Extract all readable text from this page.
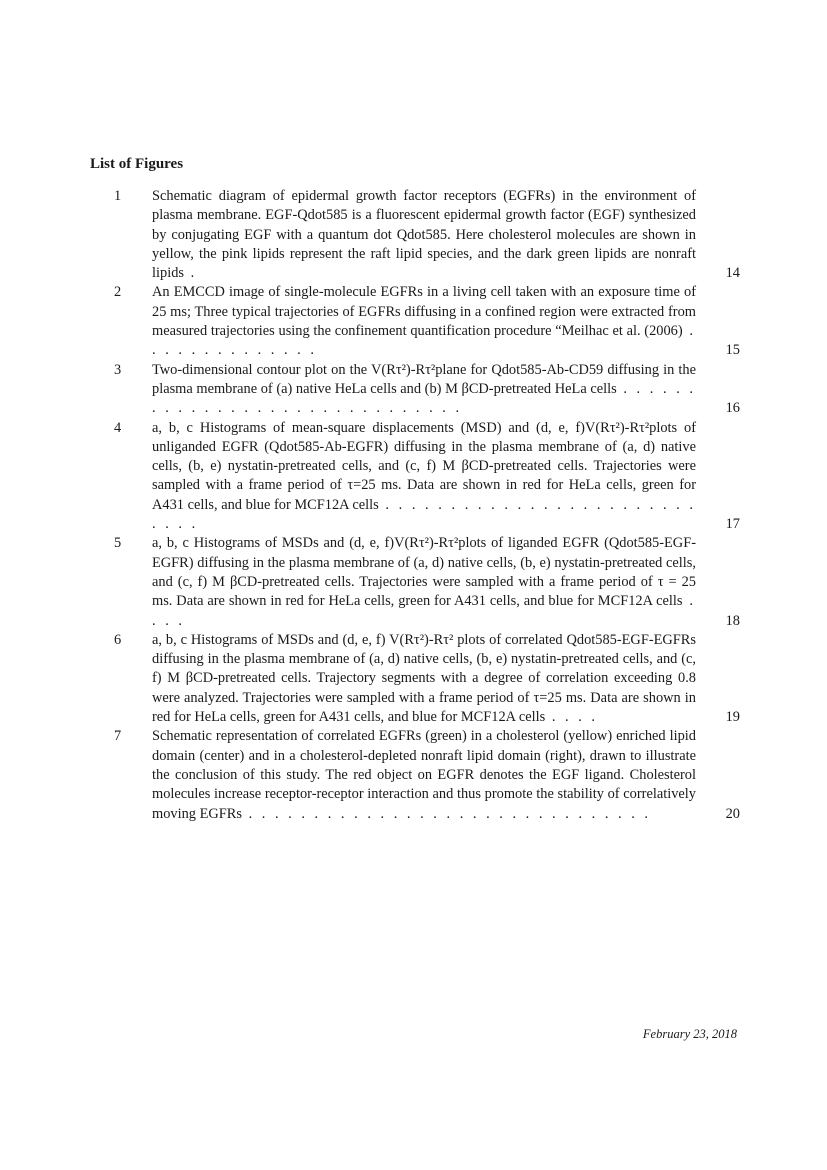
List of Figures
1	Schematic diagram of epidermal growth factor receptors (EGFRs) in the environment of plasma membrane. EGF-Qdot585 is a fluorescent epidermal growth factor (EGF) synthesized by conjugating EGF with a quantum dot Qdot585. Here cholesterol molecules are shown in yellow, the pink lipids represent the raft lipid species, and the dark green lipids are nonraft lipids .	14
2	An EMCCD image of single-molecule EGFRs in a living cell taken with an exposure time of 25 ms; Three typical trajectories of EGFRs diffusing in a confined region were extracted from measured trajectories using the confinement quantification procedure “Meilhac et al. (2006) . . . . . . . . . . . . . .	15
3	Two-dimensional contour plot on the V(Rτ²)-Rτ²plane for Qdot585-Ab-CD59 diffusing in the plasma membrane of (a) native HeLa cells and (b) M βCD-pretreated HeLa cells . . . . . . . . . . . . . . . . . . . . . . . . . . . . . .	16
4	a, b, c Histograms of mean-square displacements (MSD) and (d, e, f)V(Rτ²)-Rτ²plots of unliganded EGFR (Qdot585-Ab-EGFR) diffusing in the plasma membrane of (a, d) native cells, (b, e) nystatin-pretreated cells, and (c, f) M βCD-pretreated cells. Trajectories were sampled with a frame period of τ=25 ms. Data are shown in red for HeLa cells, green for A431 cells, and blue for MCF12A cells . . . . . . . . . . . . . . . . . . . . . . . . . . . .	17
5	a, b, c Histograms of MSDs and (d, e, f)V(Rτ²)-Rτ²plots of liganded EGFR (Qdot585-EGF-EGFR) diffusing in the plasma membrane of (a, d) native cells, (b, e) nystatin-pretreated cells, and (c, f) M βCD-pretreated cells. Trajectories were sampled with a frame period of τ = 25 ms. Data are shown in red for HeLa cells, green for A431 cells, and blue for MCF12A cells . . . .	18
6	a, b, c Histograms of MSDs and (d, e, f) V(Rτ²)-Rτ² plots of correlated Qdot585-EGF-EGFRs diffusing in the plasma membrane of (a, d) native cells, (b, e) nystatin-pretreated cells, and (c, f) M βCD-pretreated cells. Trajectory segments with a degree of correlation exceeding 0.8 were analyzed. Trajectories were sampled with a frame period of τ=25 ms. Data are shown in red for HeLa cells, green for A431 cells, and blue for MCF12A cells . . . .	19
7	Schematic representation of correlated EGFRs (green) in a cholesterol (yellow) enriched lipid domain (center) and in a cholesterol-depleted nonraft lipid domain (right), drawn to illustrate the conclusion of this study. The red object on EGFR denotes the EGF ligand. Cholesterol molecules increase receptor-receptor interaction and thus promote the stability of correlatively moving EGFRs . . . . . . . . . . . . . . . . . . . . . . . . . . . . . . .	20
February 23, 2018
